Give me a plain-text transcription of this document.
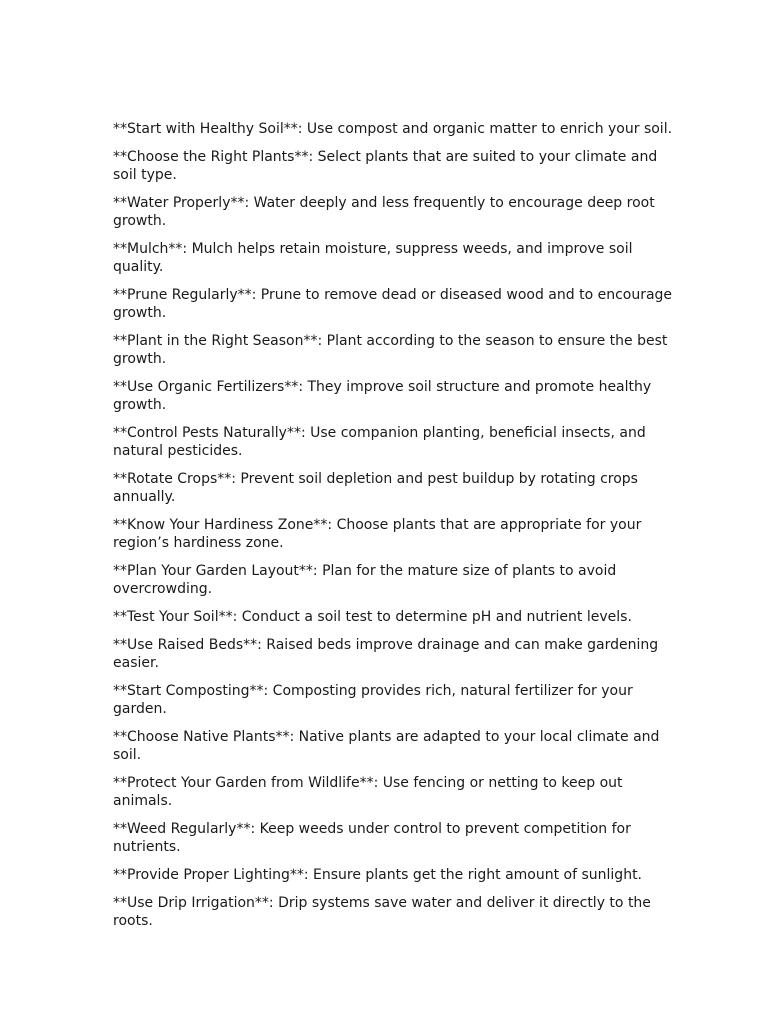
**Start with Healthy Soil**: Use compost and organic matter to enrich your soil.

**Choose the Right Plants**: Select plants that are suited to your climate and soil type.

**Water Properly**: Water deeply and less frequently to encourage deep root growth.

**Mulch**: Mulch helps retain moisture, suppress weeds, and improve soil quality.

**Prune Regularly**: Prune to remove dead or diseased wood and to encourage growth.

**Plant in the Right Season**: Plant according to the season to ensure the best growth.

**Use Organic Fertilizers**: They improve soil structure and promote healthy growth.

**Control Pests Naturally**: Use companion planting, beneficial insects, and natural pesticides.

**Rotate Crops**: Prevent soil depletion and pest buildup by rotating crops annually.

**Know Your Hardiness Zone**: Choose plants that are appropriate for your region’s hardiness zone.

**Plan Your Garden Layout**: Plan for the mature size of plants to avoid overcrowding.

**Test Your Soil**: Conduct a soil test to determine pH and nutrient levels.

**Use Raised Beds**: Raised beds improve drainage and can make gardening easier.

**Start Composting**: Composting provides rich, natural fertilizer for your garden.

**Choose Native Plants**: Native plants are adapted to your local climate and soil.

**Protect Your Garden from Wildlife**: Use fencing or netting to keep out animals.

**Weed Regularly**: Keep weeds under control to prevent competition for nutrients.

**Provide Proper Lighting**: Ensure plants get the right amount of sunlight.

**Use Drip Irrigation**: Drip systems save water and deliver it directly to the roots.
